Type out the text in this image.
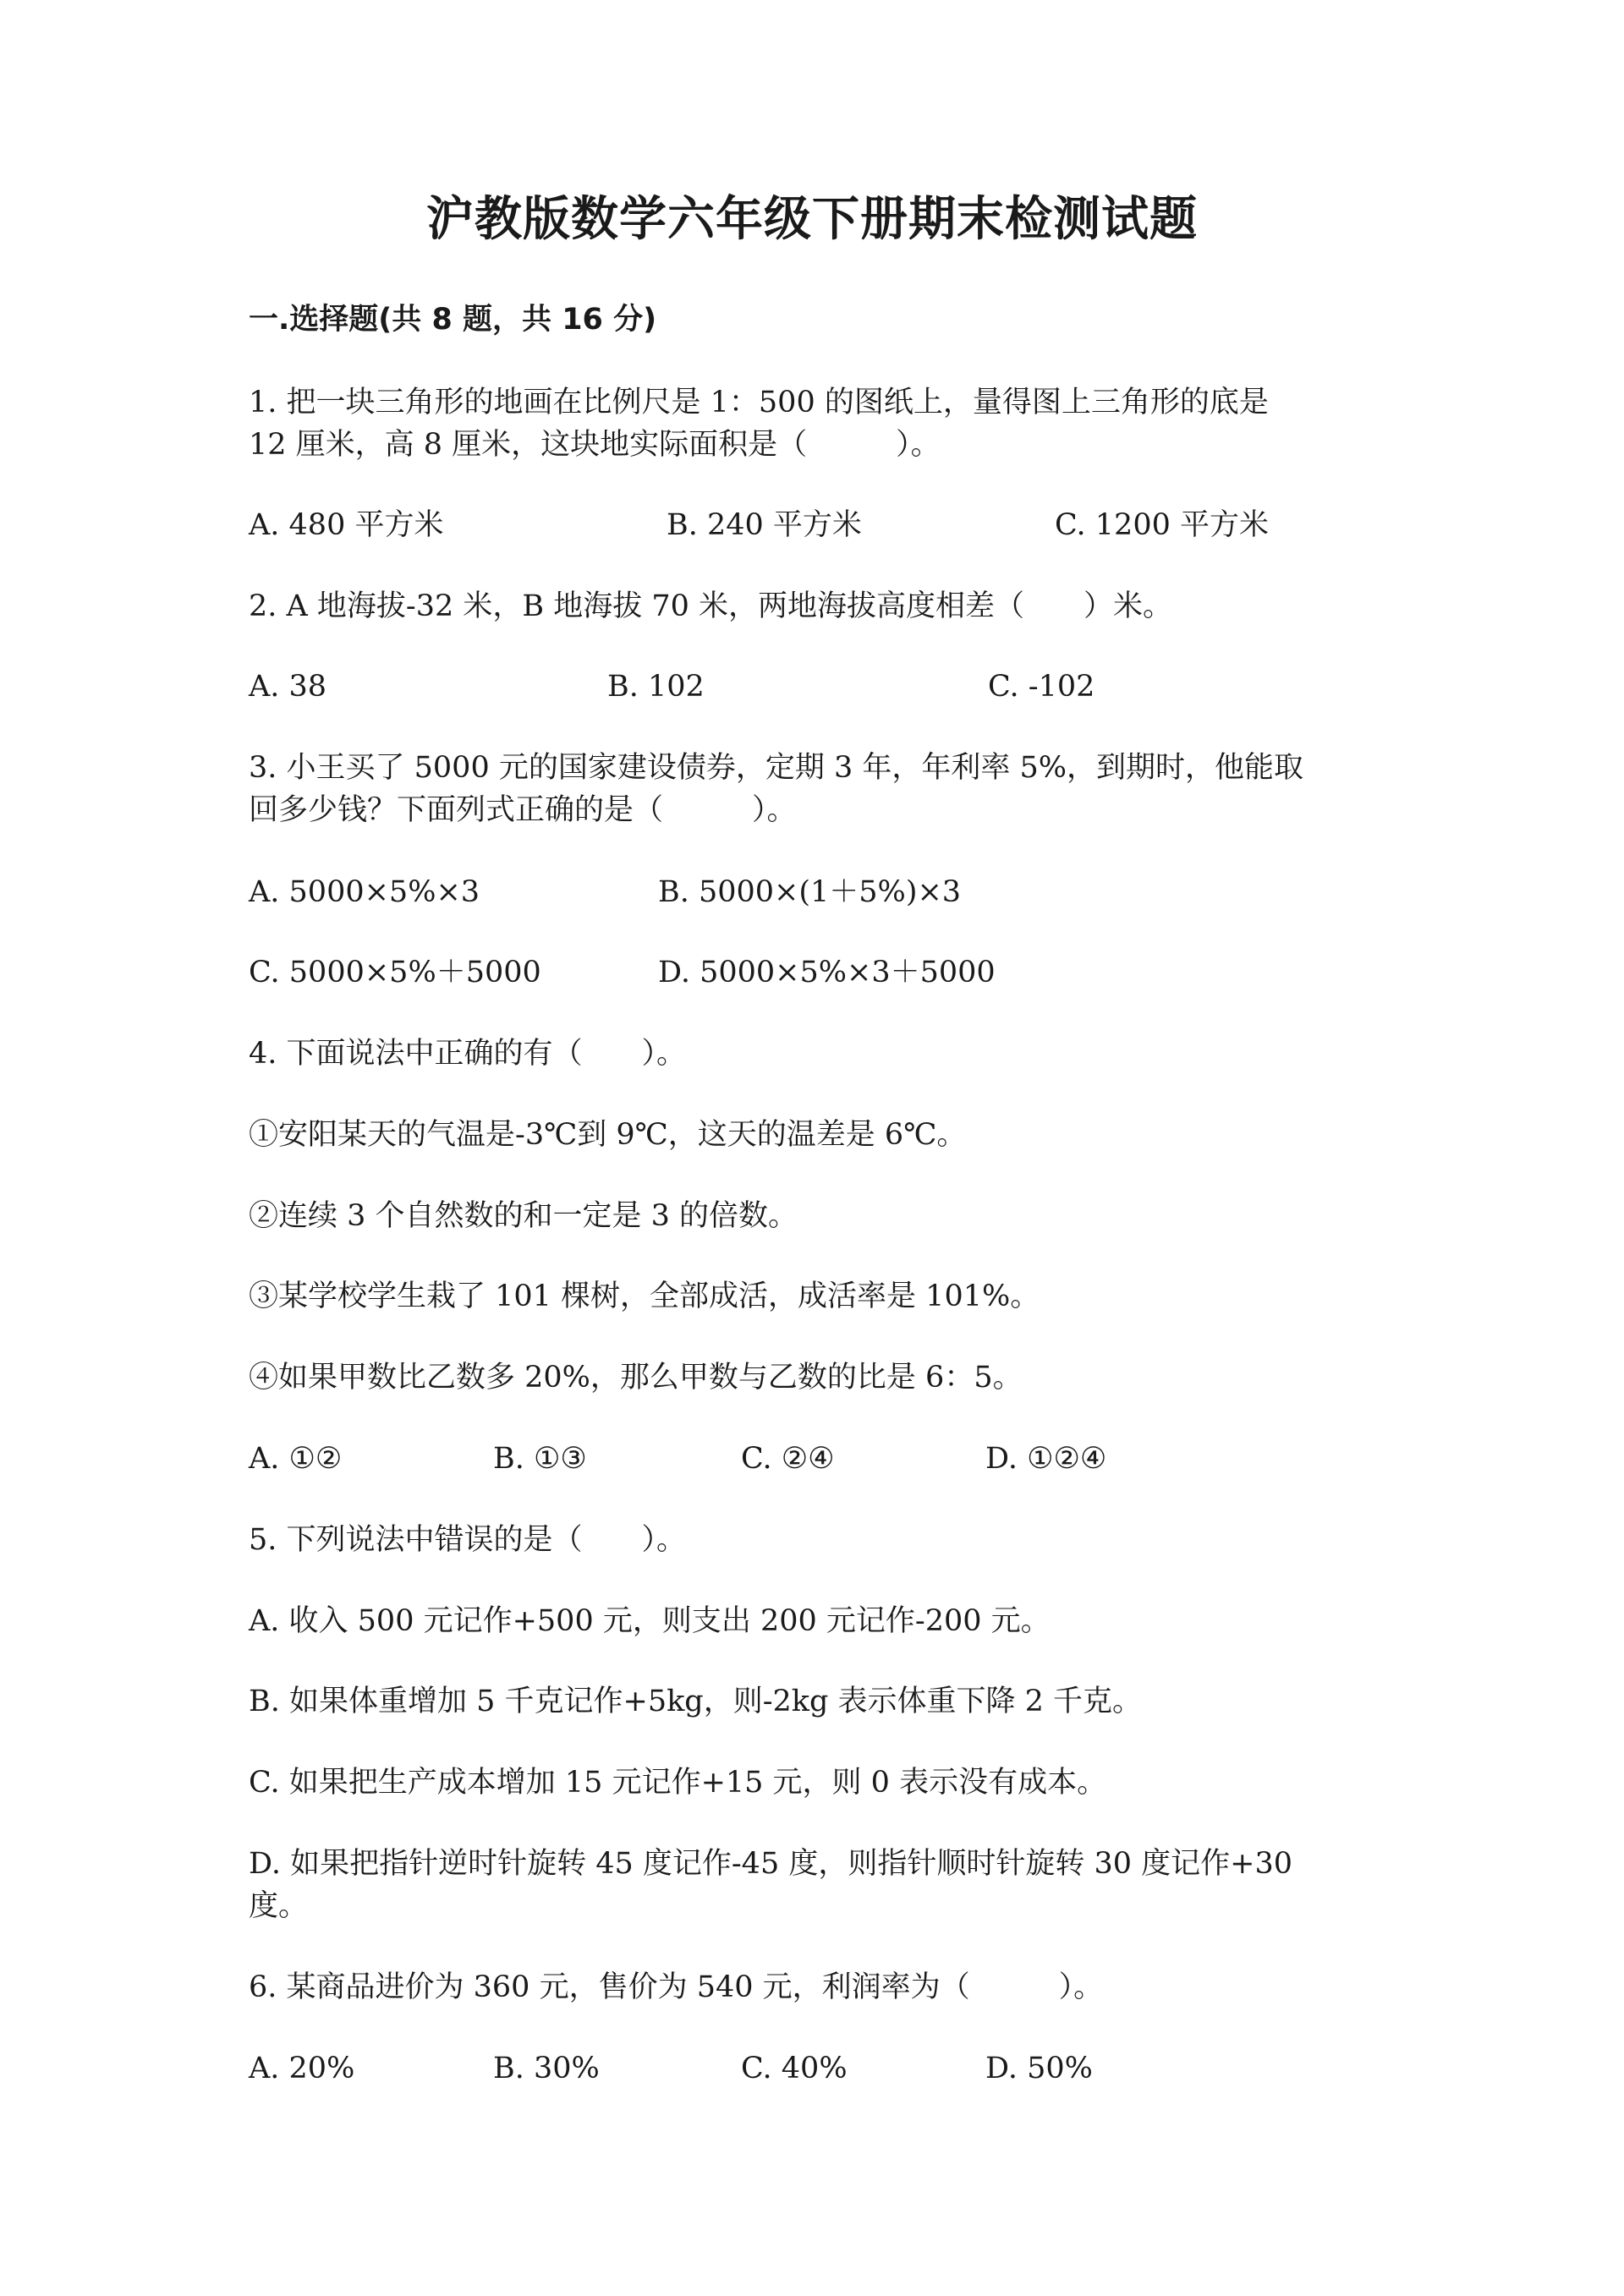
沪教版数学六年级下册期末检测试题
一.选择题(共 8 题，共 16 分)
1. 把一块三角形的地画在比例尺是 1：500 的图纸上，量得图上三角形的底是
12 厘米，高 8 厘米，这块地实际面积是（　　　）。
A. 480 平方米	B. 240 平方米	C. 1200 平方米
2. A 地海拔-32 米，B 地海拔 70 米，两地海拔高度相差（　　）米。
A. 38	B. 102	C. -102
3. 小王买了 5000 元的国家建设债券，定期 3 年，年利率 5%，到期时，他能取
回多少钱？下面列式正确的是（　　　）。
A. 5000×5%×3	B. 5000×(1＋5%)×3
C. 5000×5%＋5000	D. 5000×5%×3＋5000
4. 下面说法中正确的有（　　）。
①安阳某天的气温是-3℃到 9℃，这天的温差是 6℃。
②连续 3 个自然数的和一定是 3 的倍数。
③某学校学生栽了 101 棵树，全部成活，成活率是 101%。
④如果甲数比乙数多 20%，那么甲数与乙数的比是 6：5。
A. ①②	B. ①③	C. ②④	D. ①②④
5. 下列说法中错误的是（　　）。
A. 收入 500 元记作+500 元，则支出 200 元记作-200 元。
B. 如果体重增加 5 千克记作+5kg，则-2kg 表示体重下降 2 千克。
C. 如果把生产成本增加 15 元记作+15 元，则 0 表示没有成本。
D. 如果把指针逆时针旋转 45 度记作-45 度，则指针顺时针旋转 30 度记作+30
度。
6. 某商品进价为 360 元，售价为 540 元，利润率为（　　　）。
A. 20%	B. 30%	C. 40%	D. 50%
